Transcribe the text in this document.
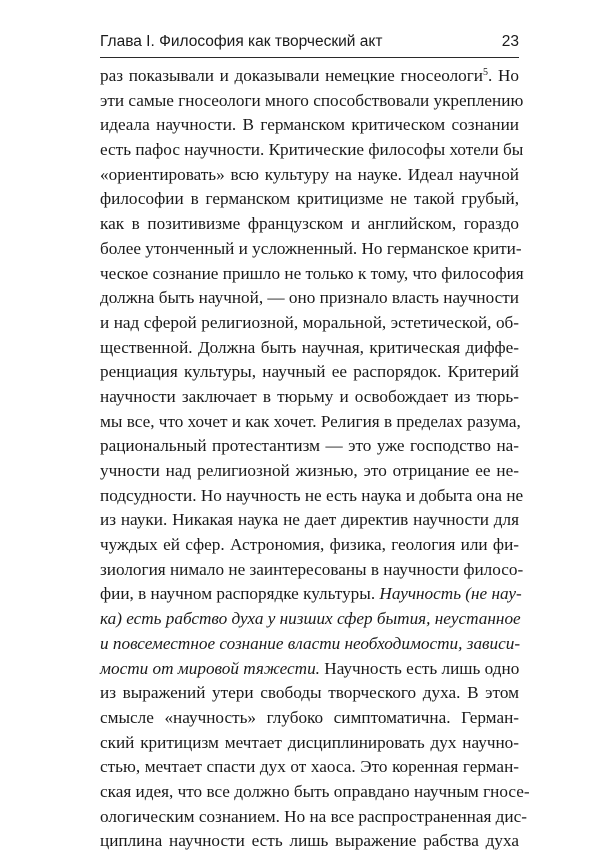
Глава I. Философия как творческий акт	23
раз показывали и доказывали немецкие гносеологи$^5$. Но
эти самые гносеологи много способствовали укреплению
идеала научности. В германском критическом сознании
есть пафос научности. Критические философы хотели бы
«ориентировать» всю культуру на науке. Идеал научной
философии в германском критицизме не такой грубый,
как в позитивизме французском и английском, гораздо
более утонченный и усложненный. Но германское крити-
ческое сознание пришло не только к тому, что философия
должна быть научной, — оно признало власть научности
и над сферой религиозной, моральной, эстетической, об-
щественной. Должна быть научная, критическая диффе-
ренциация культуры, научный ее распорядок. Критерий
научности заключает в тюрьму и освобождает из тюрь-
мы все, что хочет и как хочет. Религия в пределах разума,
рациональный протестантизм — это уже господство на-
учности над религиозной жизнью, это отрицание ее не-
подсудности. Но научность не есть наука и добыта она не
из науки. Никакая наука не дает директив научности для
чуждых ей сфер. Астрономия, физика, геология или фи-
зиология нимало не заинтересованы в научности филосо-
фии, в научном распорядке культуры. Научность (не нау-
ка) есть рабство духа у низших сфер бытия, неустанное
и повсеместное сознание власти необходимости, зависи-
мости от мировой тяжести. Научность есть лишь одно
из выражений утери свободы творческого духа. В этом
смысле «научность» глубоко симптоматична. Герман-
ский критицизм мечтает дисциплинировать дух научно-
стью, мечтает спасти дух от хаоса. Это коренная герман-
ская идея, что все должно быть оправдано научным гносе-
ологическим сознанием. Но на все распространенная дис-
циплина научности есть лишь выражение рабства духа
